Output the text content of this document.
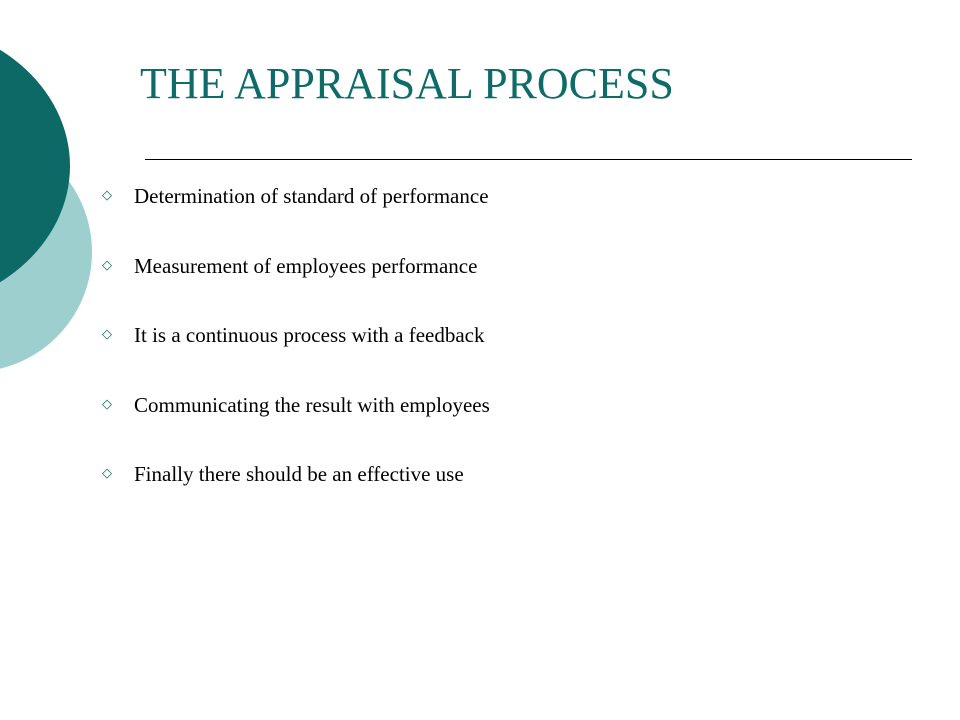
THE APPRAISAL PROCESS
◇	Determination of standard of performance
◇	Measurement of employees performance
◇	It is a continuous process with a feedback
◇	Communicating the result with employees
◇	Finally there should be an effective use
